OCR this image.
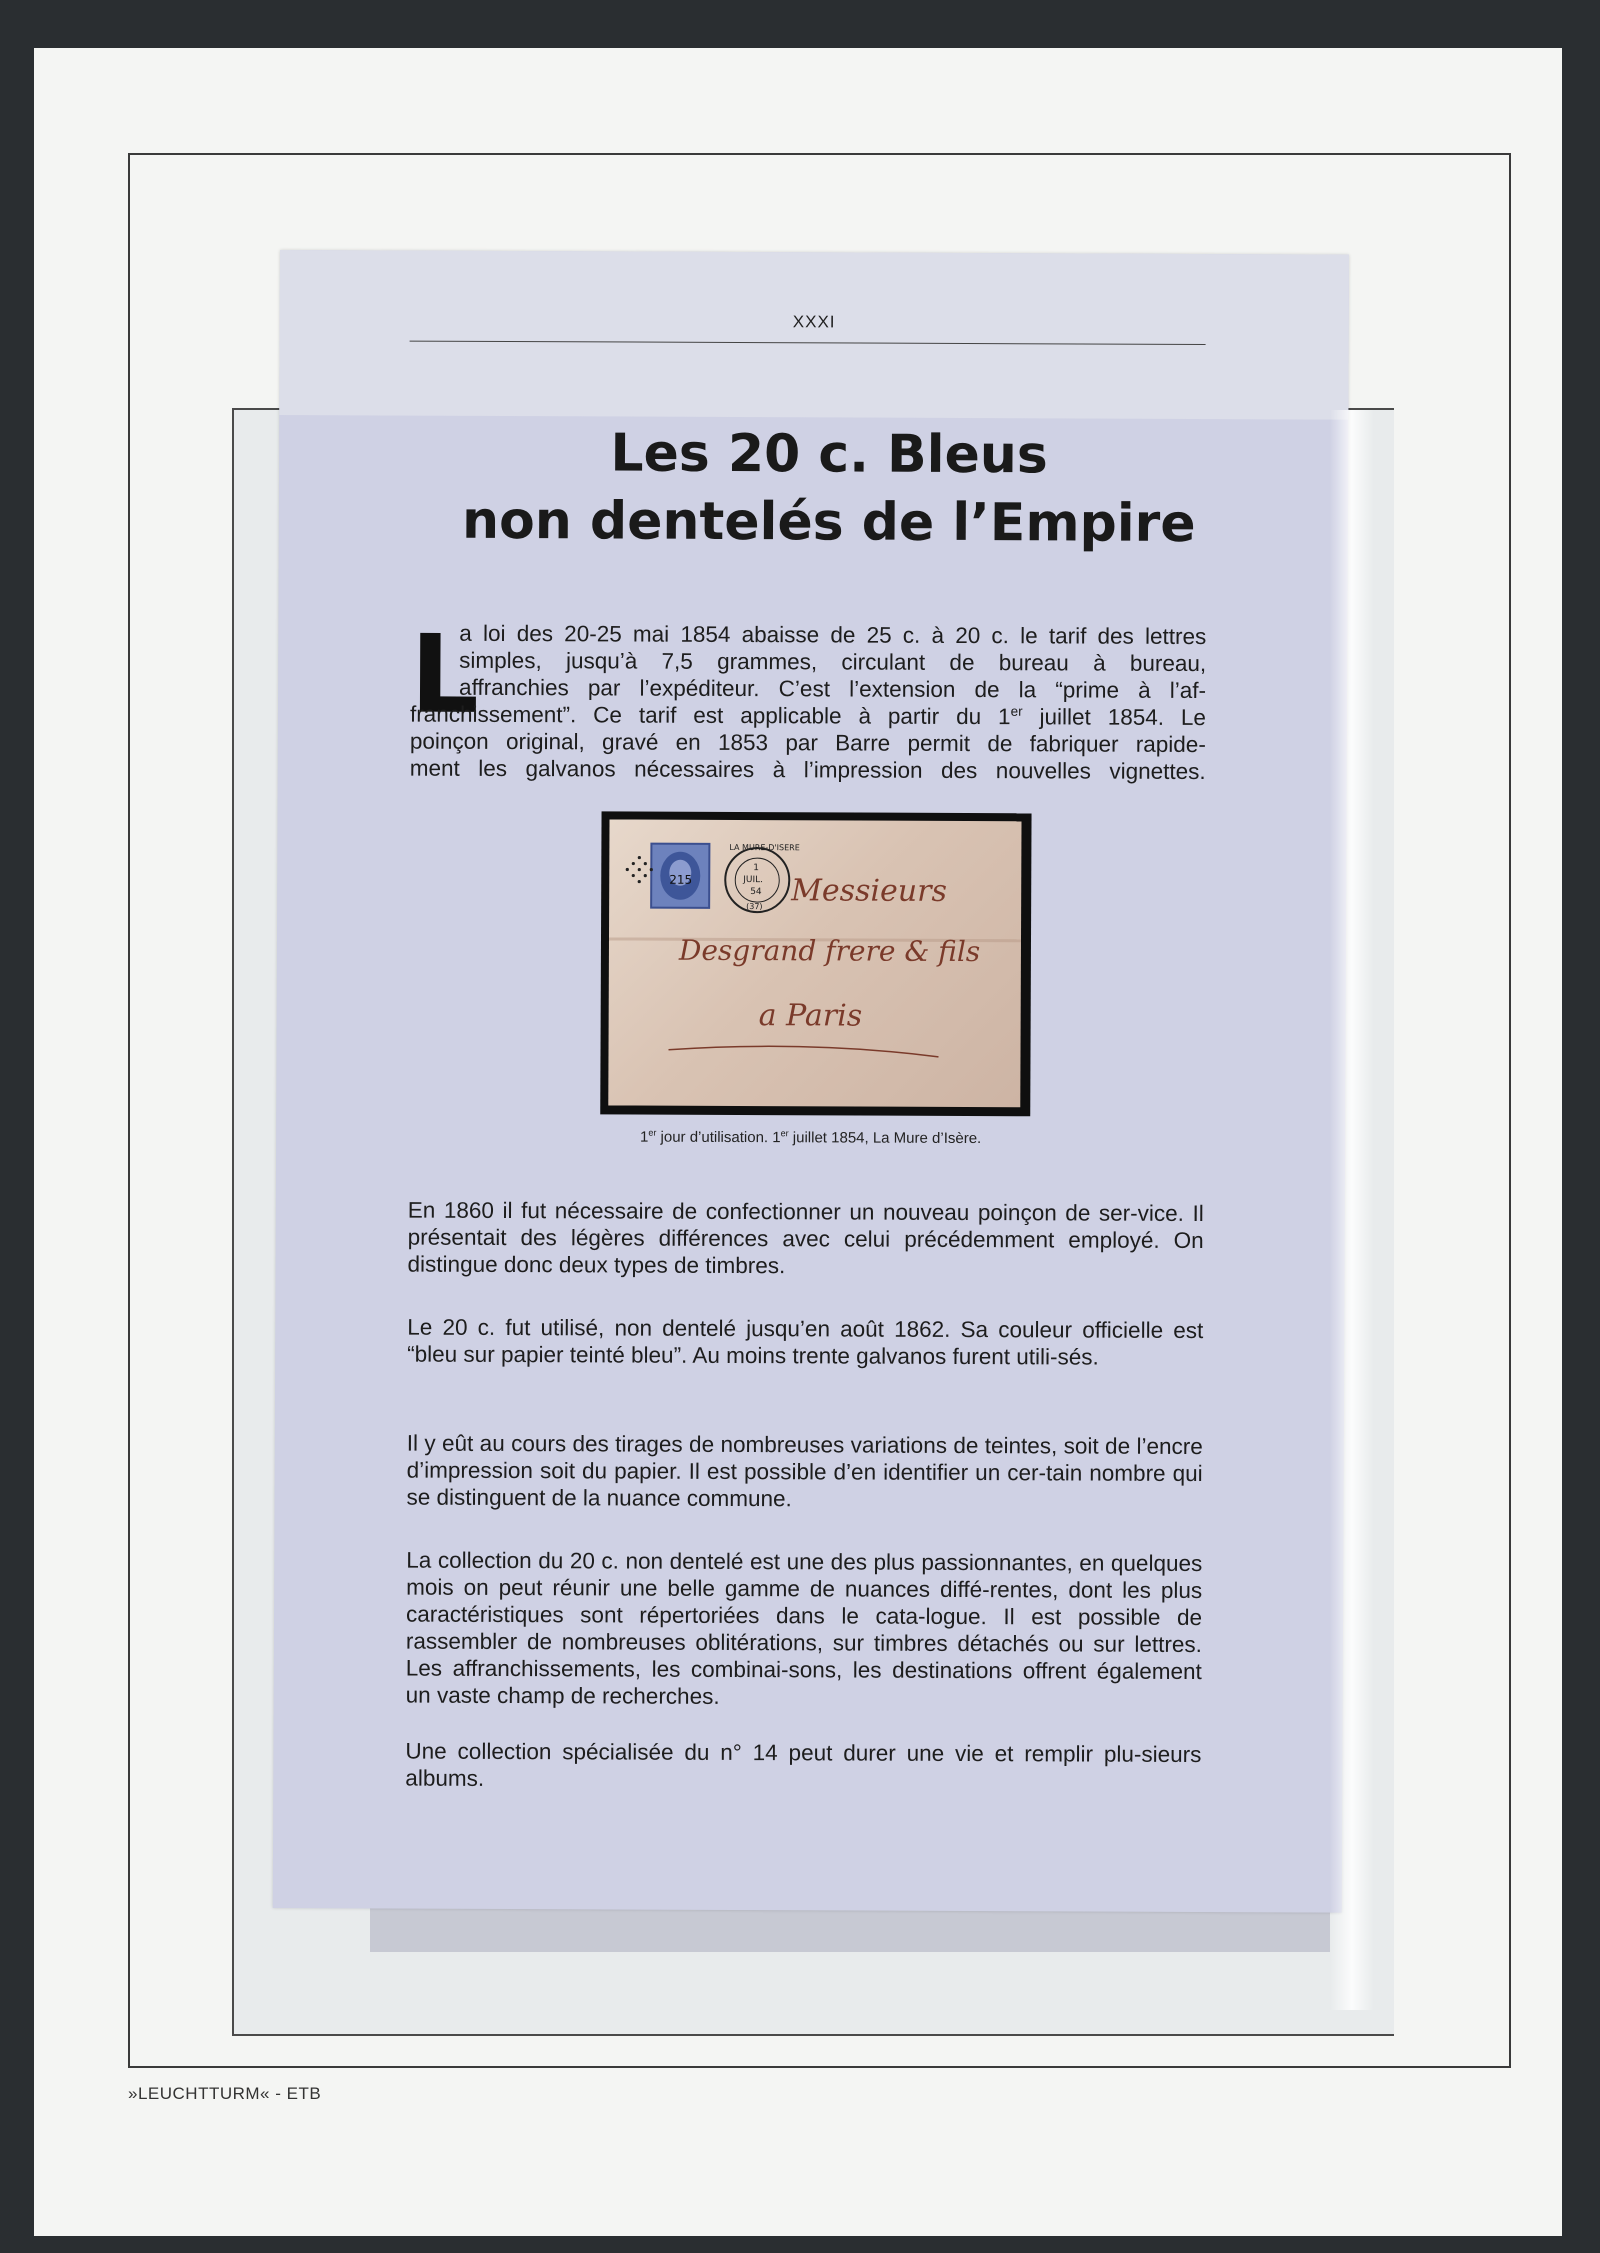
XXXI
Les 20 c. Bleus
non dentelés de l’Empire
L
a loi des 20-25 mai 1854 abaisse de 25 c. à 20 c. le tarif des lettres
simples, jusqu’à 7,5 grammes, circulant de bureau à bureau,
affranchies par l’expéditeur. C’est l’extension de la “prime à l’af-
franchissement”. Ce tarif est applicable à partir du 1er juillet 1854. Le
poinçon original, gravé en 1853 par Barre permit de fabriquer rapide-
ment les galvanos nécessaires à l’impression des nouvelles vignettes.
215
LA MURE-D'ISERE
1
JUIL.
54
(37) Messieurs
Desgrand frere & fils
a Paris
1er jour d’utilisation. 1er juillet 1854, La Mure d’Isère.
En 1860 il fut nécessaire de confectionner un nouveau poinçon de ser-vice. Il présentait des légères différences avec celui précédemment employé. On distingue donc deux types de timbres.
Le 20 c. fut utilisé, non dentelé jusqu’en août 1862. Sa couleur officielle est “bleu sur papier teinté bleu”. Au moins trente galvanos furent utili-sés.
Il y eût au cours des tirages de nombreuses variations de teintes, soit de l’encre d’impression soit du papier. Il est possible d’en identifier un cer-tain nombre qui se distinguent de la nuance commune.
La collection du 20 c. non dentelé est une des plus passionnantes, en quelques mois on peut réunir une belle gamme de nuances diffé-rentes, dont les plus caractéristiques sont répertoriées dans le cata-logue. Il est possible de rassembler de nombreuses oblitérations, sur timbres détachés ou sur lettres. Les affranchissements, les combinai-sons, les destinations offrent également un vaste champ de recherches.
Une collection spécialisée du n° 14 peut durer une vie et remplir plu-sieurs albums.
»LEUCHTTURM« - ETB
